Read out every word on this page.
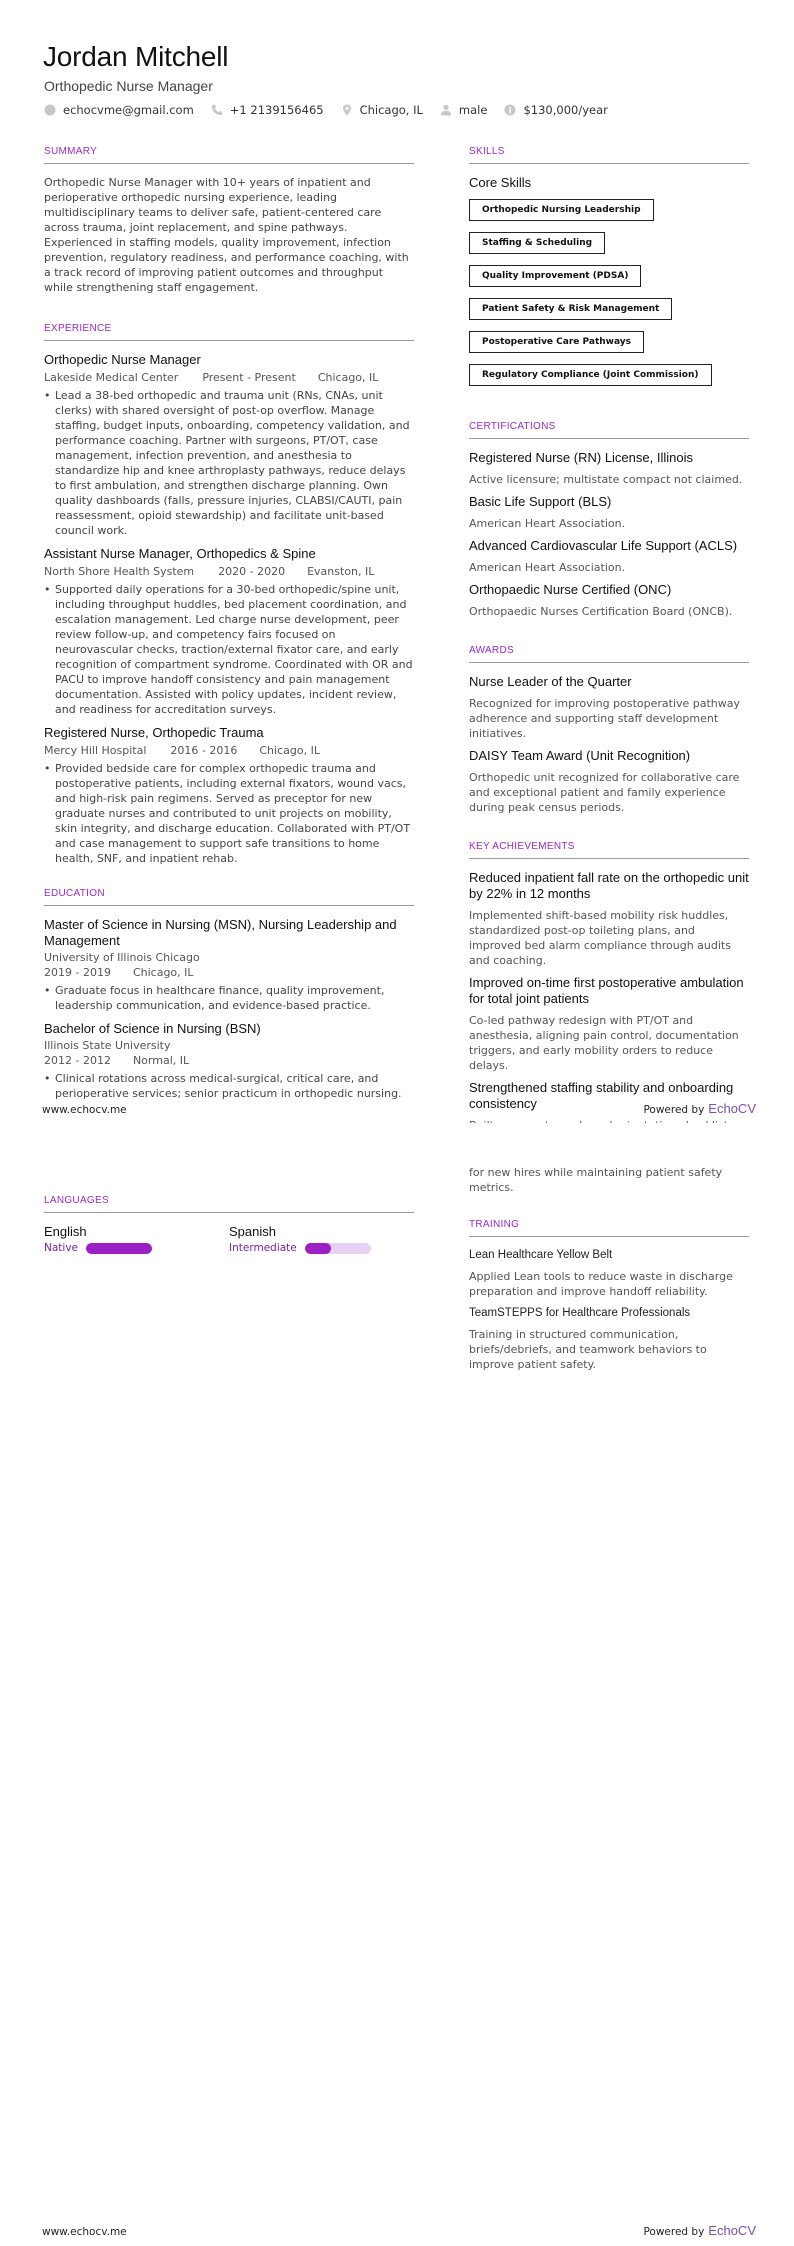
Jordan Mitchell
Orthopedic Nurse Manager
echocvme@gmail.com	+1 2139156465	Chicago, IL	male	$130,000/year
SUMMARY

Orthopedic Nurse Manager with 10+ years of inpatient and perioperative orthopedic nursing experience, leading multidisciplinary teams to deliver safe, patient-centered care across trauma, joint replacement, and spine pathways.

Experienced in staffing models, quality improvement, infection prevention, regulatory readiness, and performance coaching, with a track record of improving patient outcomes and throughput while strengthening staff engagement.

EXPERIENCE
Orthopedic Nurse Manager
Lakeside Medical Center Present - Present Chicago, IL
• Lead a 38-bed orthopedic and trauma unit (RNs, CNAs, unit clerks) with shared oversight of post-op overflow. Manage staffing, budget inputs, onboarding, competency validation, and performance coaching. Partner with surgeons, PT/OT, case management, infection prevention, and anesthesia to standardize hip and knee arthroplasty pathways, reduce delays to first ambulation, and strengthen discharge planning. Own quality dashboards (falls, pressure injuries, CLABSI/CAUTI, pain reassessment, opioid stewardship) and facilitate unit-based council work.
Assistant Nurse Manager, Orthopedics & Spine
North Shore Health System 2020 - 2020 Evanston, IL
• Supported daily operations for a 30-bed orthopedic/spine unit, including throughput huddles, bed placement coordination, and escalation management. Led charge nurse development, peer review follow-up, and competency fairs focused on neurovascular checks, traction/external fixator care, and early recognition of compartment syndrome. Coordinated with OR and PACU to improve handoff consistency and pain management documentation. Assisted with policy updates, incident review, and readiness for accreditation surveys.
Registered Nurse, Orthopedic Trauma
Mercy Hill Hospital 2016 - 2016 Chicago, IL
• Provided bedside care for complex orthopedic trauma and postoperative patients, including external fixators, wound vacs, and high-risk pain regimens. Served as preceptor for new graduate nurses and contributed to unit projects on mobility, skin integrity, and discharge education. Collaborated with PT/OT and case management to support safe transitions to home health, SNF, and inpatient rehab.
EDUCATION
Master of Science in Nursing (MSN), Nursing Leadership and Management
University of Illinois Chicago
2019 - 2019 Chicago, IL
• Graduate focus in healthcare finance, quality improvement, leadership communication, and evidence-based practice.
Bachelor of Science in Nursing (BSN)
Illinois State University
2012 - 2012 Normal, IL
• Clinical rotations across medical-surgical, critical care, and perioperative services; senior practicum in orthopedic nursing.
SKILLS
Core Skills
Orthopedic Nursing Leadership
Staffing & Scheduling
Quality Improvement (PDSA)
Patient Safety & Risk Management
Postoperative Care Pathways
Regulatory Compliance (Joint Commission)
CERTIFICATIONS
Registered Nurse (RN) License, Illinois
Active licensure; multistate compact not claimed.
Basic Life Support (BLS)
American Heart Association.
Advanced Cardiovascular Life Support (ACLS)
American Heart Association.
Orthopaedic Nurse Certified (ONC)
Orthopaedic Nurses Certification Board (ONCB).
AWARDS
Nurse Leader of the Quarter
Recognized for improving postoperative pathway adherence and supporting staff development initiatives.
DAISY Team Award (Unit Recognition)
Orthopedic unit recognized for collaborative care and exceptional patient and family experience during peak census periods.
KEY ACHIEVEMENTS
Reduced inpatient fall rate on the orthopedic unit by 22% in 12 months
Implemented shift-based mobility risk huddles, standardized post-op toileting plans, and improved bed alarm compliance through audits and coaching.
Improved on-time first postoperative ambulation for total joint patients
Co-led pathway redesign with PT/OT and anesthesia, aligning pain control, documentation triggers, and early mobility orders to reduce delays.
Strengthened staffing stability and onboarding consistency
www.echocv.me	Powered by EchoCV
LANGUAGES
English
Native
Spanish
Intermediate
for new hires while maintaining patient safety metrics.
TRAINING
Lean Healthcare Yellow Belt
Applied Lean tools to reduce waste in discharge preparation and improve handoff reliability.
TeamSTEPPS for Healthcare Professionals
Training in structured communication, briefs/debriefs, and teamwork behaviors to improve patient safety.
www.echocv.me	Powered by EchoCV
